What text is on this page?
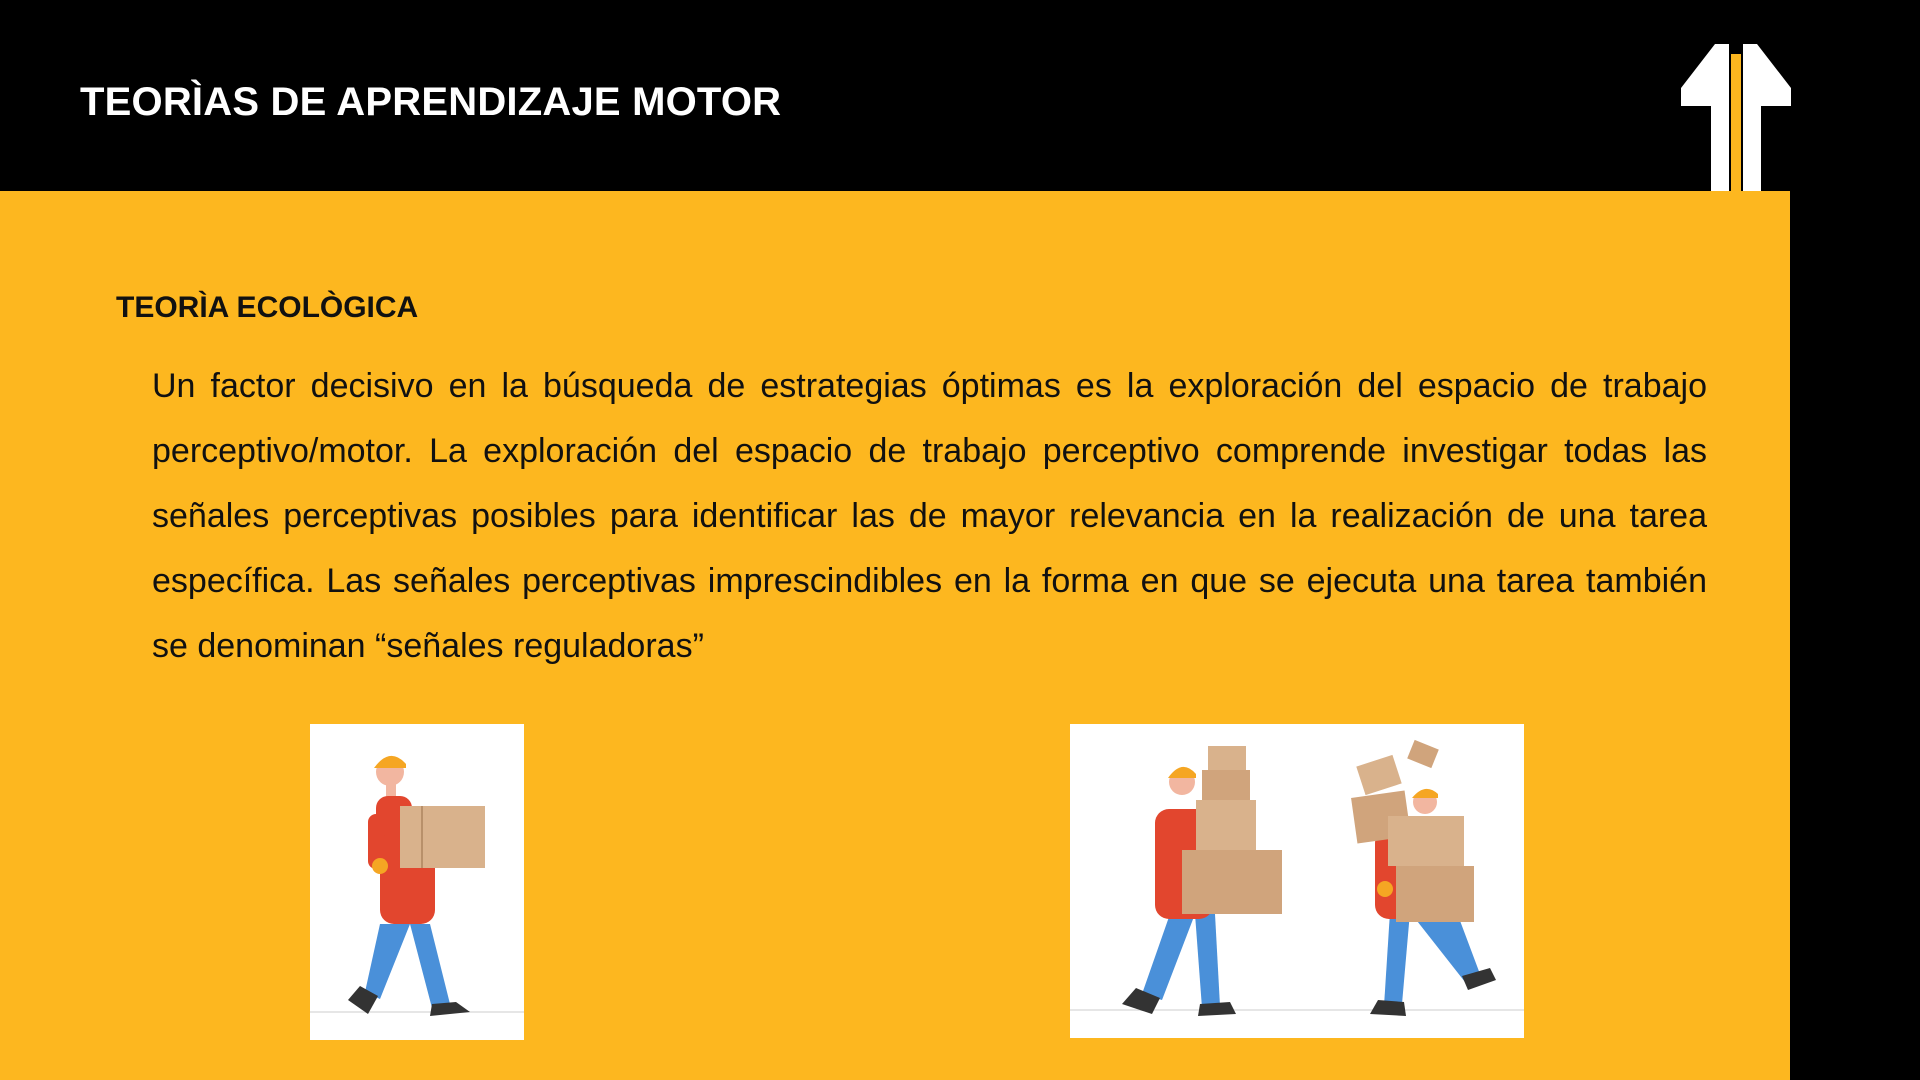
TEORÌAS DE APRENDIZAJE MOTOR
TEORÌA ECOLÒGICA

Un factor decisivo en la búsqueda de estrategias óptimas es la exploración del espacio de trabajo perceptivo/motor. La exploración del espacio de trabajo perceptivo comprende investigar todas las señales perceptivas posibles para identificar las de mayor relevancia en la realización de una tarea específica. Las señales perceptivas imprescindibles en la forma en que se ejecuta una tarea también se denominan “señales reguladoras”
